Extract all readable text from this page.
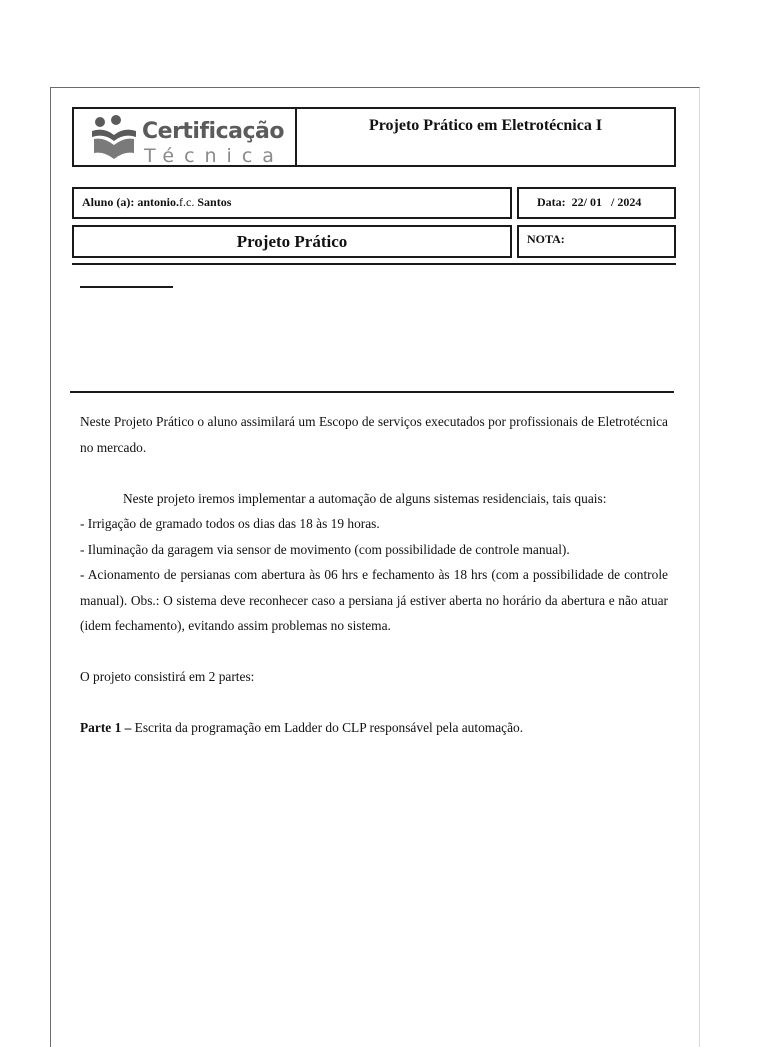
Certificação
Técnica
Projeto Prático em Eletrotécnica I
Aluno (a): antonio.f.c. Santos	Data:  22/ 01   / 2024
Projeto Prático	NOTA:

Neste Projeto Prático o aluno assimilará um Escopo de serviços executados por profissionais de Eletrotécnica no mercado.

Neste projeto iremos implementar a automação de alguns sistemas residenciais, tais quais:

- Irrigação de gramado todos os dias das 18 às 19 horas.

- Iluminação da garagem via sensor de movimento (com possibilidade de controle manual).

- Acionamento de persianas com abertura às 06 hrs e fechamento às 18 hrs (com a possibilidade de controle manual). Obs.: O sistema deve reconhecer caso a persiana já estiver aberta no horário da abertura e não atuar (idem fechamento), evitando assim problemas no sistema.

O projeto consistirá em 2 partes:

Parte 1 – Escrita da programação em Ladder do CLP responsável pela automação.
